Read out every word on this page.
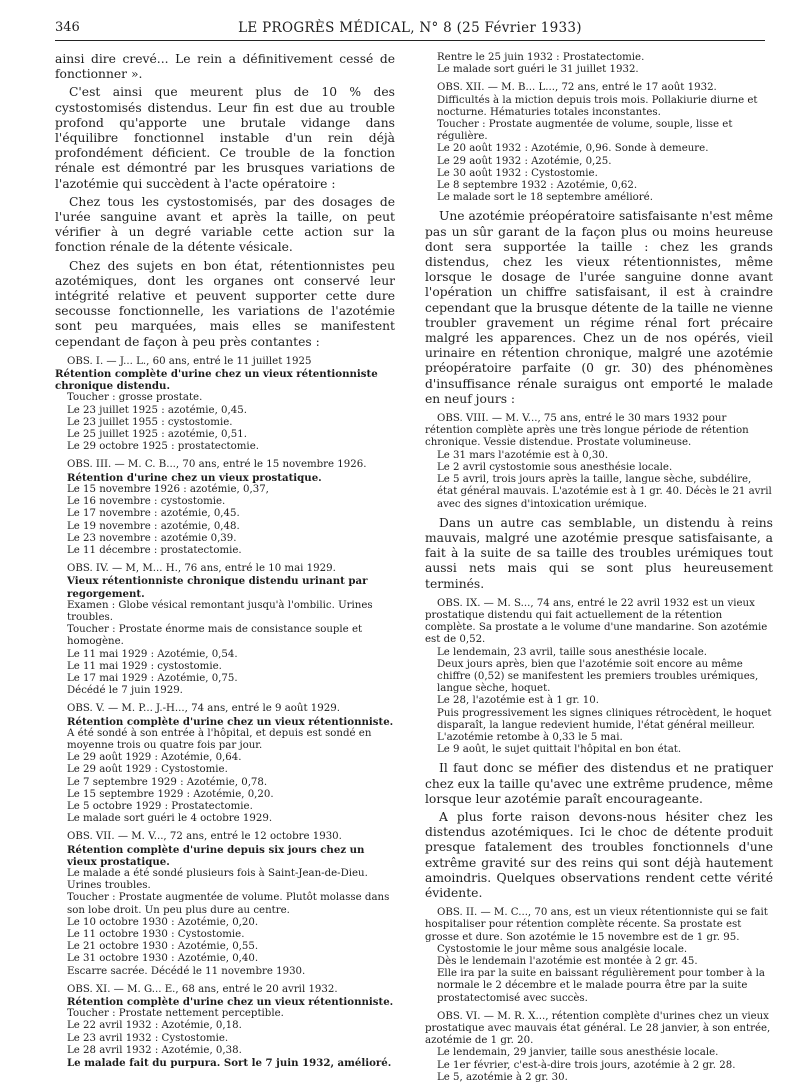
346	LE PROGRÈS MÉDICAL, N° 8 (25 Février 1933)

ainsi dire crevé... Le rein a définitivement cessé de fonctionner ».

C'est ainsi que meurent plus de 10 % des cystostomisés distendus. Leur fin est due au trouble profond qu'apporte une brutale vidange dans l'équilibre fonctionnel instable d'un rein déjà profondément déficient. Ce trouble de la fonction rénale est démontré par les brusques variations de l'azotémie qui succèdent à l'acte opératoire :

Chez tous les cystostomisés, par des dosages de l'urée sanguine avant et après la taille, on peut vérifier à un degré variable cette action sur la fonction rénale de la détente vésicale.

Chez des sujets en bon état, rétentionnistes peu azotémiques, dont les organes ont conservé leur intégrité relative et peuvent supporter cette dure secousse fonctionnelle, les variations de l'azotémie sont peu marquées, mais elles se manifestent cependant de façon à peu près contantes :

OBS. I. — J... L., 60 ans, entré le 11 juillet 1925

Rétention complète d'urine chez un vieux rétentionniste chronique distendu.

Toucher : grosse prostate.

Le 23 juillet 1925 : azotémie, 0,45.

Le 23 juillet 1955 : cystostomie.

Le 25 juillet 1925 : azotémie, 0,51.

Le 29 octobre 1925 : prostatectomie.

OBS. III. — M. C. B..., 70 ans, entré le 15 novembre 1926.

Rétention d'urine chez un vieux prostatique.

Le 15 novembre 1926 : azotémie, 0,37,

Le 16 novembre : cystostomie.

Le 17 novembre : azotémie, 0,45.

Le 19 novembre : azotémie, 0,48.

Le 23 novembre : azotémie 0,39.

Le 11 décembre : prostatectomie.

OBS. IV. — M, M... H., 76 ans, entré le 10 mai 1929.

Vieux rétentionniste chronique distendu urinant par regorgement.

Examen : Globe vésical remontant jusqu'à l'ombilic. Urines troubles.

Toucher : Prostate énorme mais de consistance souple et homogène.

Le 11 mai 1929 : Azotémie, 0,54.

Le 11 mai 1929 : cystostomie.

Le 17 mai 1929 : Azotémie, 0,75.

Décédé le 7 juin 1929.

OBS. V. — M. P... J.-H..., 74 ans, entré le 9 août 1929.

Rétention complète d'urine chez un vieux rétentionniste.

A été sondé à son entrée à l'hôpital, et depuis est sondé en moyenne trois ou quatre fois par jour.

Le 29 août 1929 : Azotémie, 0,64.

Le 29 août 1929 : Cystostomie.

Le 7 septembre 1929 : Azotémie, 0,78.

Le 15 septembre 1929 : Azotémie, 0,20.

Le 5 octobre 1929 : Prostatectomie.

Le malade sort guéri le 4 octobre 1929.

OBS. VII. — M. V..., 72 ans, entré le 12 octobre 1930.

Rétention complète d'urine depuis six jours chez un vieux prostatique.

Le malade a été sondé plusieurs fois à Saint-Jean-de-Dieu. Urines troubles.

Toucher : Prostate augmentée de volume. Plutôt molasse dans son lobe droit. Un peu plus dure au centre.

Le 10 octobre 1930 : Azotémie, 0,20.

Le 11 octobre 1930 : Cystostomie.

Le 21 octobre 1930 : Azotémie, 0,55.

Le 31 octobre 1930 : Azotémie, 0,40.

Escarre sacrée. Décédé le 11 novembre 1930.

OBS. XI. — M. G... E., 68 ans, entré le 20 avril 1932.

Rétention complète d'urine chez un vieux rétentionniste.

Toucher : Prostate nettement perceptible.

Le 22 avril 1932 : Azotémie, 0,18.

Le 23 avril 1932 : Cystostomie.

Le 28 avril 1932 : Azotémie, 0,38.

Le malade fait du purpura. Sort le 7 juin 1932, amélioré.

Rentre le 25 juin 1932 : Prostatectomie.

Le malade sort guéri le 31 juillet 1932.

OBS. XII. — M. B... L..., 72 ans, entré le 17 août 1932.

Difficultés à la miction depuis trois mois. Pollakiurie diurne et nocturne. Hématuries totales inconstantes.

Toucher : Prostate augmentée de volume, souple, lisse et régulière.

Le 20 août 1932 : Azotémie, 0,96. Sonde à demeure.

Le 29 août 1932 : Azotémie, 0,25.

Le 30 août 1932 : Cystostomie.

Le 8 septembre 1932 : Azotémie, 0,62.

Le malade sort le 18 septembre amélioré.

Une azotémie préopératoire satisfaisante n'est même pas un sûr garant de la façon plus ou moins heureuse dont sera supportée la taille : chez les grands distendus, chez les vieux rétentionnistes, même lorsque le dosage de l'urée sanguine donne avant l'opération un chiffre satisfaisant, il est à craindre cependant que la brusque détente de la taille ne vienne troubler gravement un régime rénal fort précaire malgré les apparences. Chez un de nos opérés, vieil urinaire en rétention chronique, malgré une azotémie préopératoire parfaite (0 gr. 30) des phénomènes d'insuffisance rénale suraigus ont emporté le malade en neuf jours :

OBS. VIII. — M. V..., 75 ans, entré le 30 mars 1932 pour rétention complète après une très longue période de rétention chronique. Vessie distendue. Prostate volumineuse.

Le 31 mars l'azotémie est à 0,30.

Le 2 avril cystostomie sous anesthésie locale.

Le 5 avril, trois jours après la taille, langue sèche, subdélire, état général mauvais. L'azotémie est à 1 gr. 40. Décès le 21 avril avec des signes d'intoxication urémique.

Dans un autre cas semblable, un distendu à reins mauvais, malgré une azotémie presque satisfaisante, a fait à la suite de sa taille des troubles urémiques tout aussi nets mais qui se sont plus heureusement terminés.

OBS. IX. — M. S..., 74 ans, entré le 22 avril 1932 est un vieux prostatique distendu qui fait actuellement de la rétention complète. Sa prostate a le volume d'une mandarine. Son azotémie est de 0,52.

Le lendemain, 23 avril, taille sous anesthésie locale.

Deux jours après, bien que l'azotémie soit encore au même chiffre (0,52) se manifestent les premiers troubles urémiques, langue sèche, hoquet.

Le 28, l'azotémie est à 1 gr. 10.

Puis progressivement les signes cliniques rétrocèdent, le hoquet disparaît, la langue redevient humide, l'état général meilleur. L'azotémie retombe à 0,33 le 5 mai.

Le 9 août, le sujet quittait l'hôpital en bon état.

Il faut donc se méfier des distendus et ne pratiquer chez eux la taille qu'avec une extrême prudence, même lorsque leur azotémie paraît encourageante.

A plus forte raison devons-nous hésiter chez les distendus azotémiques. Ici le choc de détente produit presque fatalement des troubles fonctionnels d'une extrême gravité sur des reins qui sont déjà hautement amoindris. Quelques observations rendent cette vérité évidente.

OBS. II. — M. C..., 70 ans, est un vieux rétentionniste qui se fait hospitaliser pour rétention complète récente. Sa prostate est grosse et dure. Son azotémie le 15 novembre est de 1 gr. 95.

Cystostomie le jour même sous analgésie locale.

Dès le lendemain l'azotémie est montée à 2 gr. 45.

Elle ira par la suite en baissant régulièrement pour tomber à la normale le 2 décembre et le malade pourra être par la suite prostatectomisé avec succès.

OBS. VI. — M. R. X..., rétention complète d'urines chez un vieux prostatique avec mauvais état général. Le 28 janvier, à son entrée, azotémie de 1 gr. 20.

Le lendemain, 29 janvier, taille sous anesthésie locale.

Le 1er février, c'est-à-dire trois jours, azotémie à 2 gr. 28.

Le 5, azotémie à 2 gr. 30.
